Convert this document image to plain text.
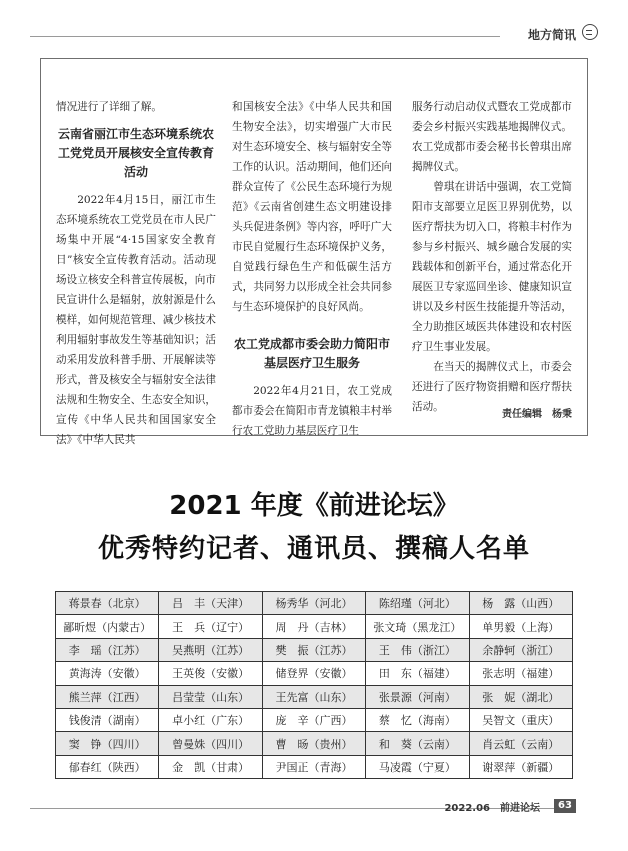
地方简讯

情况进行了详细了解。

云南省丽江市生态环境系统农工党党员开展核安全宣传教育活动

2022年4月15日，丽江市生态环境系统农工党党员在市人民广场集中开展“4·15国家安全教育日”核安全宣传教育活动。活动现场设立核安全科普宣传展板，向市民宣讲什么是辐射，放射源是什么模样，如何规范管理、减少核技术利用辐射事故发生等基础知识；活动采用发放科普手册、开展解读等形式，普及核安全与辐射安全法律法规和生物安全、生态安全知识，宣传《中华人民共和国国家安全法》《中华人民共

和国核安全法》《中华人民共和国生物安全法》，切实增强广大市民对生态环境安全、核与辐射安全等工作的认识。活动期间，他们还向群众宣传了《公民生态环境行为规范》《云南省创建生态文明建设排头兵促进条例》等内容，呼吁广大市民自觉履行生态环境保护义务，自觉践行绿色生产和低碳生活方式，共同努力以形成全社会共同参与生态环境保护的良好风尚。

农工党成都市委会助力简阳市基层医疗卫生服务

2022年4月21日，农工党成都市委会在简阳市青龙镇粮丰村举行农工党助力基层医疗卫生

服务行动启动仪式暨农工党成都市委会乡村振兴实践基地揭牌仪式。农工党成都市委会秘书长曾琪出席揭牌仪式。

曾琪在讲话中强调，农工党简阳市支部要立足医卫界别优势，以医疗帮扶为切入口，将粮丰村作为参与乡村振兴、城乡融合发展的实践载体和创新平台，通过常态化开展医卫专家巡回坐诊、健康知识宣讲以及乡村医生技能提升等活动，全力助推区域医共体建设和农村医疗卫生事业发展。

在当天的揭牌仪式上，市委会还进行了医疗物资捐赠和医疗帮扶活动。

责任编辑　杨秉
2021 年度《前进论坛》
优秀特约记者、通讯员、撰稿人名单
蒋景春（北京）	吕　丰（天津）	杨秀华（河北）	陈绍瑾（河北）	杨　露（山西）
鄙昕煜（内蒙古）	王　兵（辽宁）	周　丹（吉林）	张文琦（黑龙江）	单男毅（上海）
李　瑶（江苏）	吴燕明（江苏）	樊　振（江苏）	王　伟（浙江）	余静轲（浙江）
黄海涛（安徽）	王英俊（安徽）	储登界（安徽）	田　东（福建）	张志明（福建）
熊兰萍（江西）	吕莹莹（山东）	王先富（山东）	张景源（河南）	张　妮（湖北）
钱俊清（湖南）	卓小红（广东）	庞　辛（广西）	蔡　忆（海南）	吴智文（重庆）
窦　铮（四川）	曾曼姝（四川）	曹　旸（贵州）	和　葵（云南）	肖云虹（云南）
郁春红（陕西）	金　凯（甘肃）	尹国正（青海）	马凌霞（宁夏）	谢翠萍（新疆）
2022.06　前进论坛	63
